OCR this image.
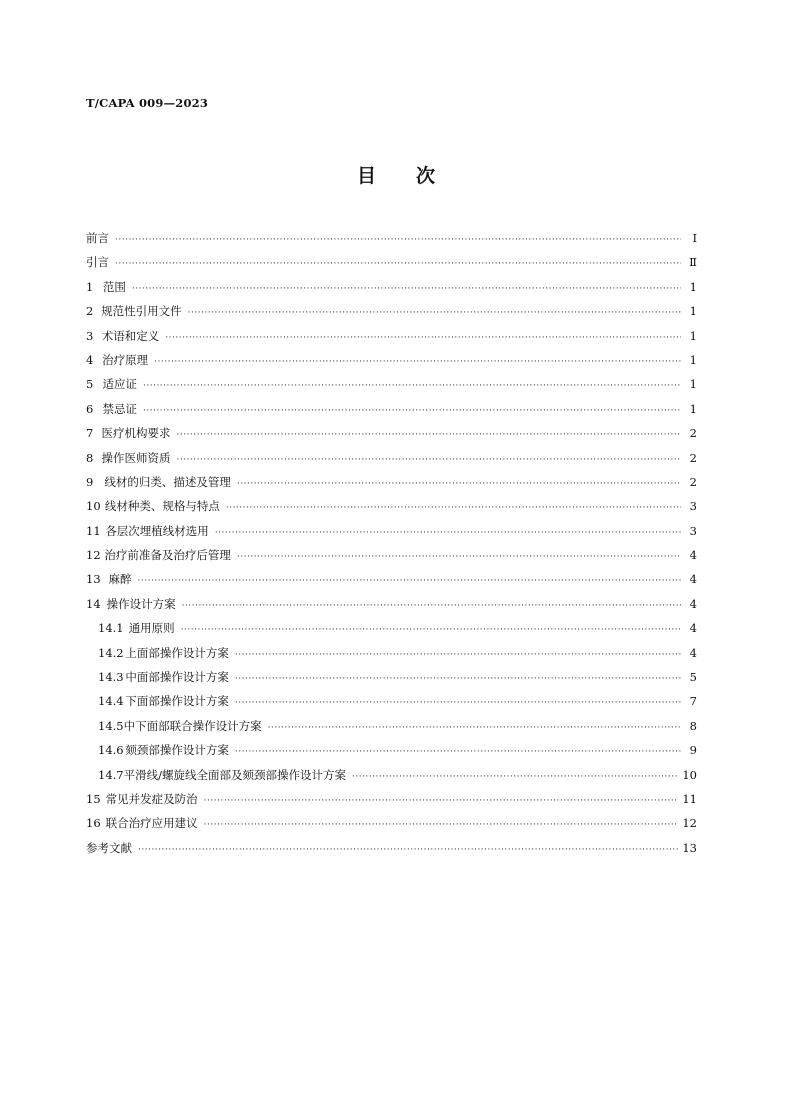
T/CAPA 009—2023
目次
前言 ·····	Ⅰ
引言 ·····	Ⅱ
1 范围 ·····	1
2 规范性引用文件 ·····	1
3 术语和定义 ·····	1
4 治疗原理 ·····	1
5 适应证 ·····	1
6 禁忌证 ·····	1
7 医疗机构要求 ·····	2
8 操作医师资质 ·····	2
9 线材的归类、描述及管理 ·····	2
10 线材种类、规格与特点 ·····	3
11 各层次埋植线材选用 ·····	3
12 治疗前准备及治疗后管理 ·····	4
13 麻醉 ·····	4
14 操作设计方案 ·····	4
14.1 通用原则 ·····	4
14.2 上面部操作设计方案 ·····	4
14.3 中面部操作设计方案 ·····	5
14.4 下面部操作设计方案 ·····	7
14.5 中下面部联合操作设计方案 ·····	8
14.6 颏颈部操作设计方案 ·····	9
14.7 平滑线/螺旋线全面部及颏颈部操作设计方案 ·····	10
15 常见并发症及防治 ·····	11
16 联合治疗应用建议 ·····	12
参考文献 ·····	13
